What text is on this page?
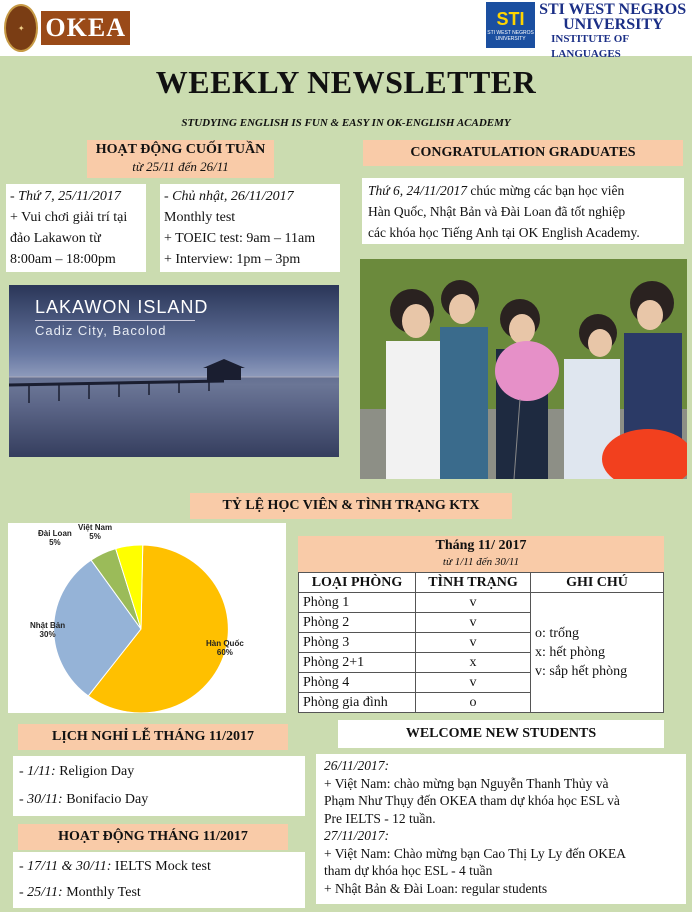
✦ OKEA	STI
STI WEST NEGROS UNIVERSITY
STI WEST NEGROS
UNIVERSITY
INSTITUTE OF LANGUAGES
WEEKLY NEWSLETTER
STUDYING ENGLISH IS FUN & EASY IN OK-ENGLISH ACADEMY
HOẠT ĐỘNG CUỐI TUẦN
từ 25/11 đến 26/11
- Thứ 7, 25/11/2017
+ Vui chơi giải trí tại
đảo Lakawon từ
8:00am – 18:00pm
- Chủ nhật, 26/11/2017
Monthly test
+ TOEIC test: 9am – 11am
+ Interview: 1pm – 3pm
LAKAWON ISLAND
Cadiz City, Bacolod
CONGRATULATION GRADUATES
Thứ 6, 24/11/2017 chúc mừng các bạn học viên
Hàn Quốc, Nhật Bản và Đài Loan đã tốt nghiệp
các khóa học Tiếng Anh tại OK English Academy.
TỶ LỆ HỌC VIÊN & TÌNH TRẠNG KTX
Việt Nam
5%
Đài Loan
5%
Nhật Bản
30%
Hàn Quốc
60%
Tháng 11/ 2017
từ 1/11 đến 30/11
LOẠI PHÒNG	TÌNH TRẠNG	GHI CHÚ
Phòng 1	v	o: trống
x: hết phòng
v: sắp hết phòng

Phòng 2	v	
Phòng 3	v	
Phòng 2+1	x	
Phòng 4	v	
Phòng gia đình	o	
LỊCH NGHỈ LỄ THÁNG 11/2017
- 1/11: Religion Day
- 30/11: Bonifacio Day
HOẠT ĐỘNG THÁNG 11/2017
- 17/11 & 30/11: IELTS Mock test
- 25/11: Monthly Test
WELCOME NEW STUDENTS
26/11/2017:
+ Việt Nam: chào mừng bạn Nguyễn Thanh Thủy và
Phạm Như Thụy đến OKEA tham dự khóa học ESL và
Pre IELTS - 12 tuần.
27/11/2017:
+ Việt Nam: Chào mừng bạn Cao Thị Ly Ly đến OKEA
tham dự khóa học ESL - 4 tuần
+ Nhật Bản & Đài Loan: regular students
